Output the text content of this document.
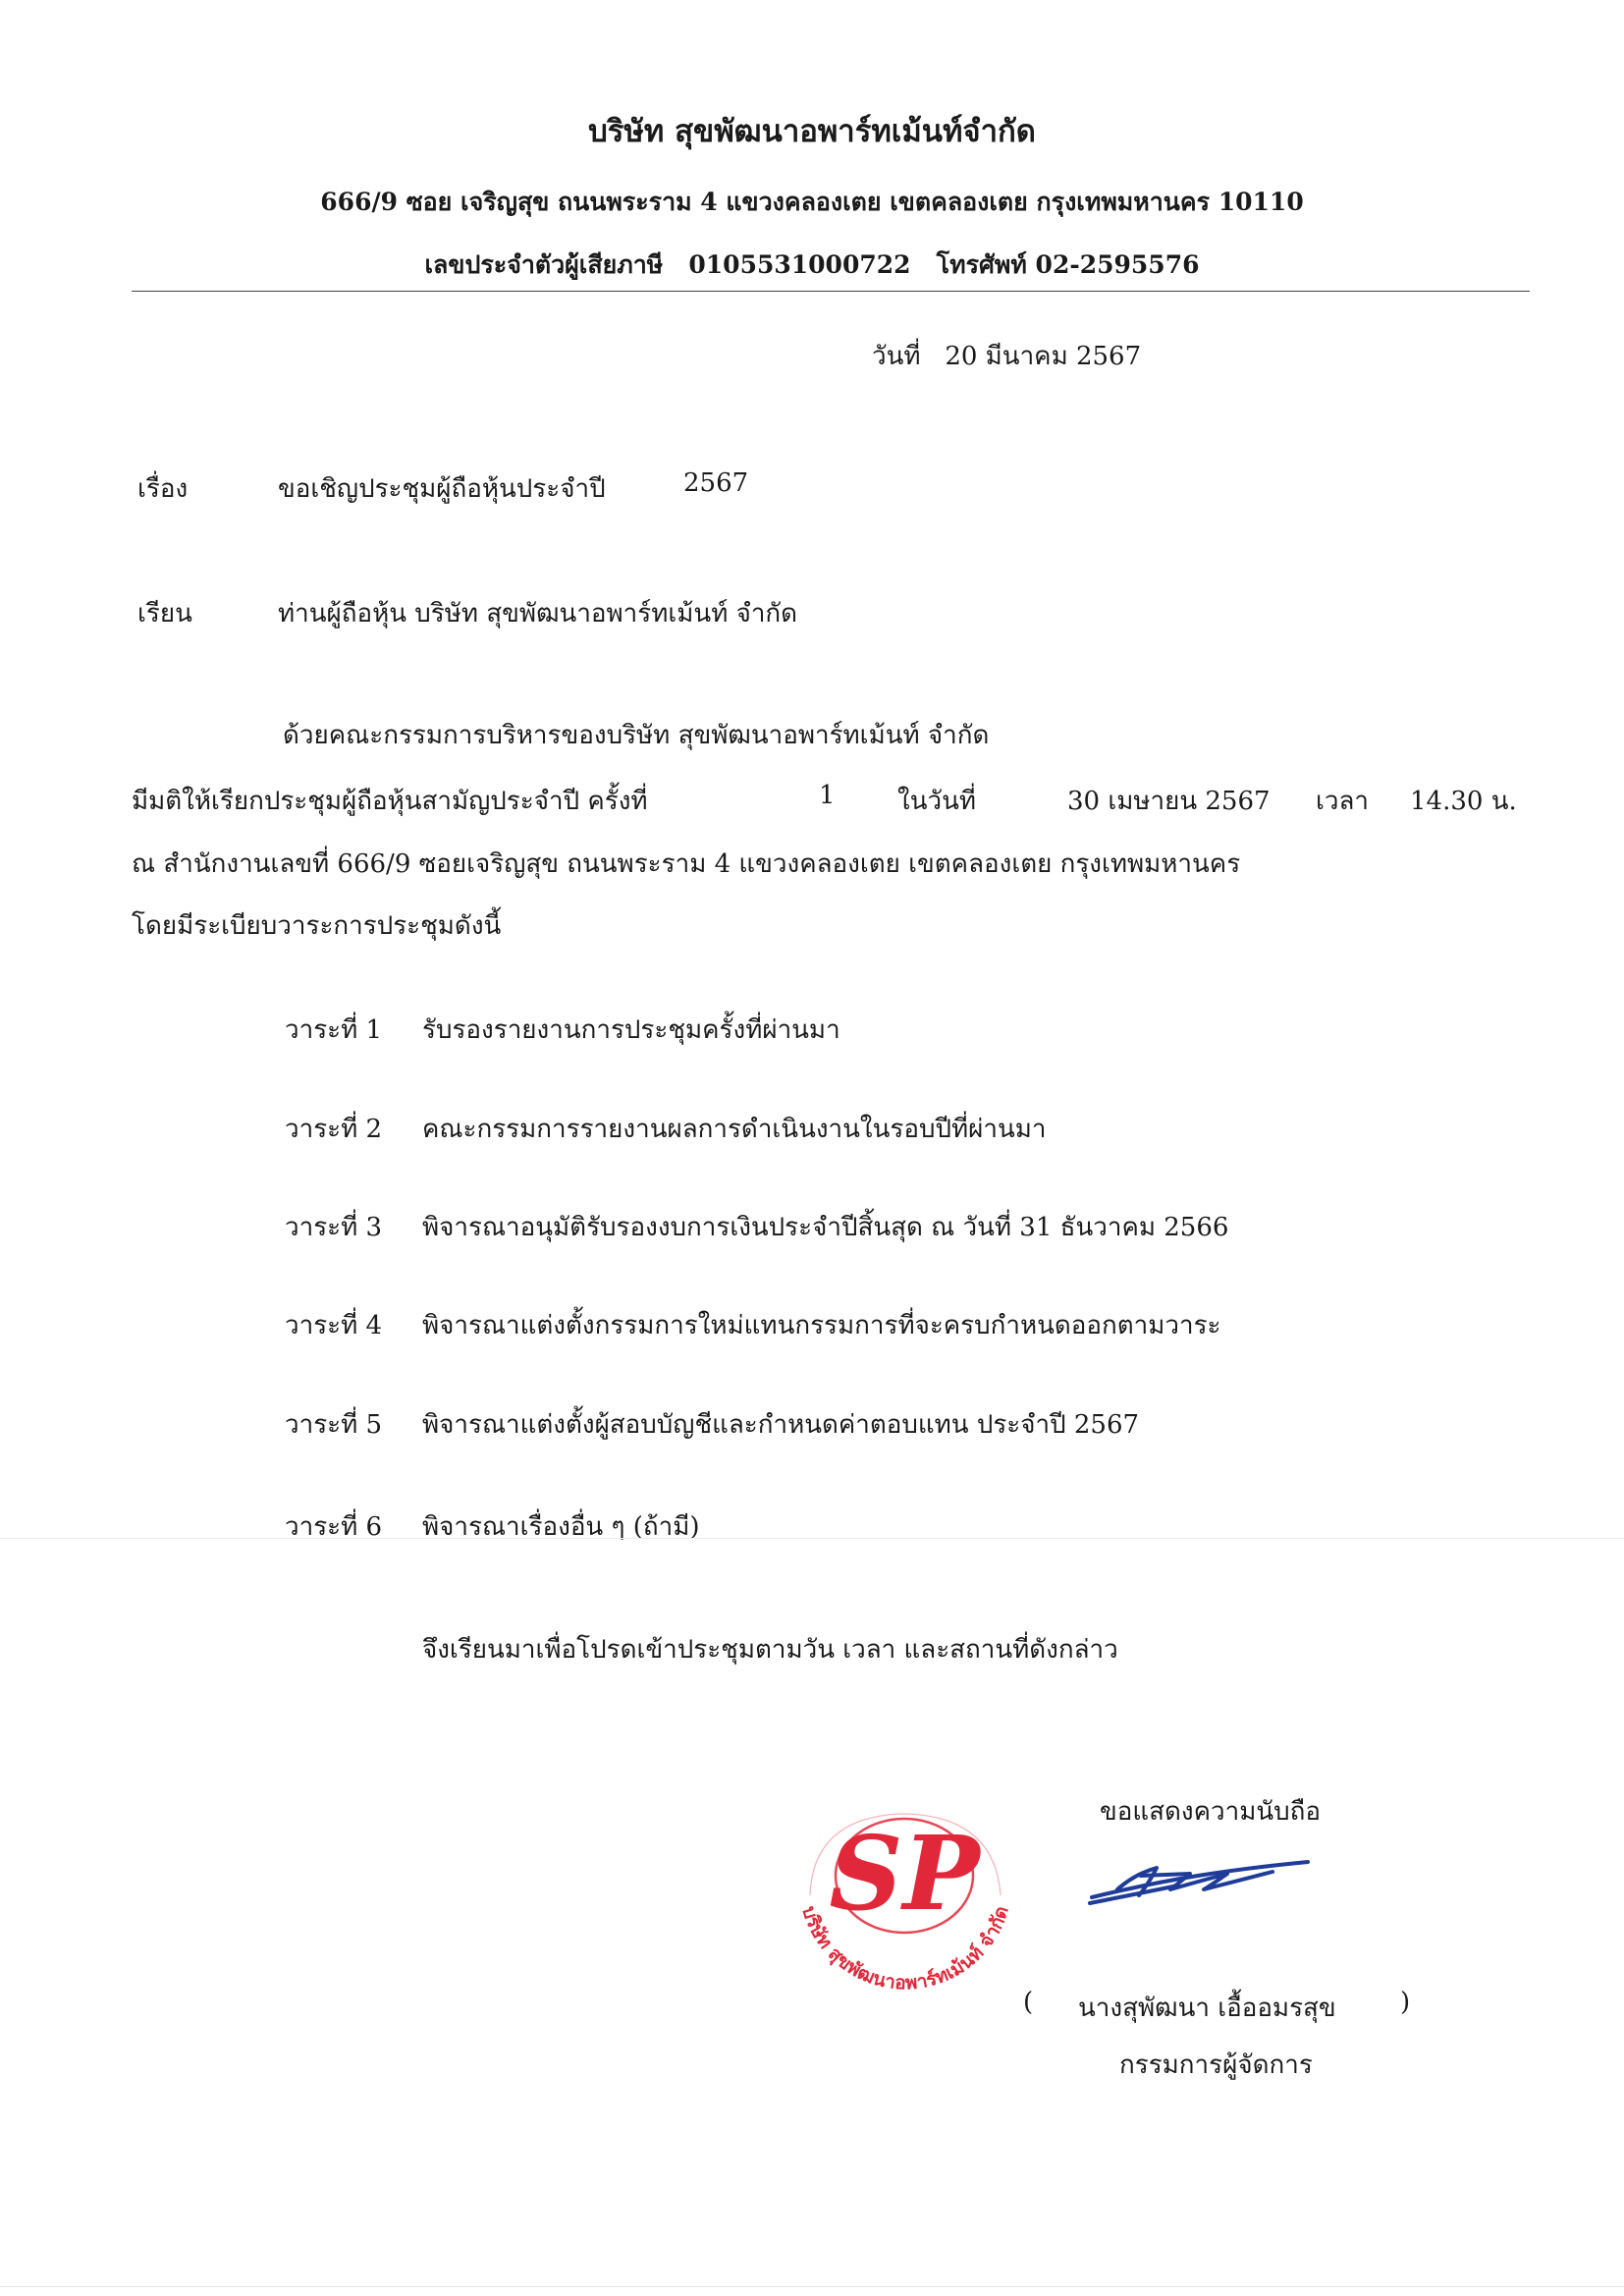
บริษัท สุขพัฒนาอพาร์ทเม้นท์จำกัด
666/9 ซอย เจริญสุข ถนนพระราม 4 แขวงคลองเตย เขตคลองเตย กรุงเทพมหานคร 10110
เลขประจำตัวผู้เสียภาษี 0105531000722 โทรศัพท์ 02-2595576
วันที่ 20 มีนาคม 2567
เรื่อง	ขอเชิญประชุมผู้ถือหุ้นประจำปี	2567
เรียน	ท่านผู้ถือหุ้น บริษัท สุขพัฒนาอพาร์ทเม้นท์ จำกัด
ด้วยคณะกรรมการบริหารของบริษัท สุขพัฒนาอพาร์ทเม้นท์ จำกัด
มีมติให้เรียกประชุมผู้ถือหุ้นสามัญประจำปี ครั้งที่	1 ในวันที่	30 เมษายน 2567 เวลา 14.30 น.
ณ สำนักงานเลขที่ 666/9 ซอยเจริญสุข ถนนพระราม 4 แขวงคลองเตย เขตคลองเตย กรุงเทพมหานคร
โดยมีระเบียบวาระการประชุมดังนี้
วาระที่ 1 รับรองรายงานการประชุมครั้งที่ผ่านมา
วาระที่ 2 คณะกรรมการรายงานผลการดำเนินงานในรอบปีที่ผ่านมา
วาระที่ 3 พิจารณาอนุมัติรับรองงบการเงินประจำปีสิ้นสุด ณ วันที่ 31 ธันวาคม 2566
วาระที่ 4 พิจารณาแต่งตั้งกรรมการใหม่แทนกรรมการที่จะครบกำหนดออกตามวาระ
วาระที่ 5 พิจารณาแต่งตั้งผู้สอบบัญชีและกำหนดค่าตอบแทน ประจำปี 2567
วาระที่ 6 พิจารณาเรื่องอื่น ๆ (ถ้ามี)
จึงเรียนมาเพื่อโปรดเข้าประชุมตามวัน เวลา และสถานที่ดังกล่าว
ขอแสดงความนับถือ
SP
บริษัท สุขพัฒนาอพาร์ทเม้นท์ จำกัด
( นางสุพัฒนา เอื้ออมรสุข	)
กรรมการผู้จัดการ
